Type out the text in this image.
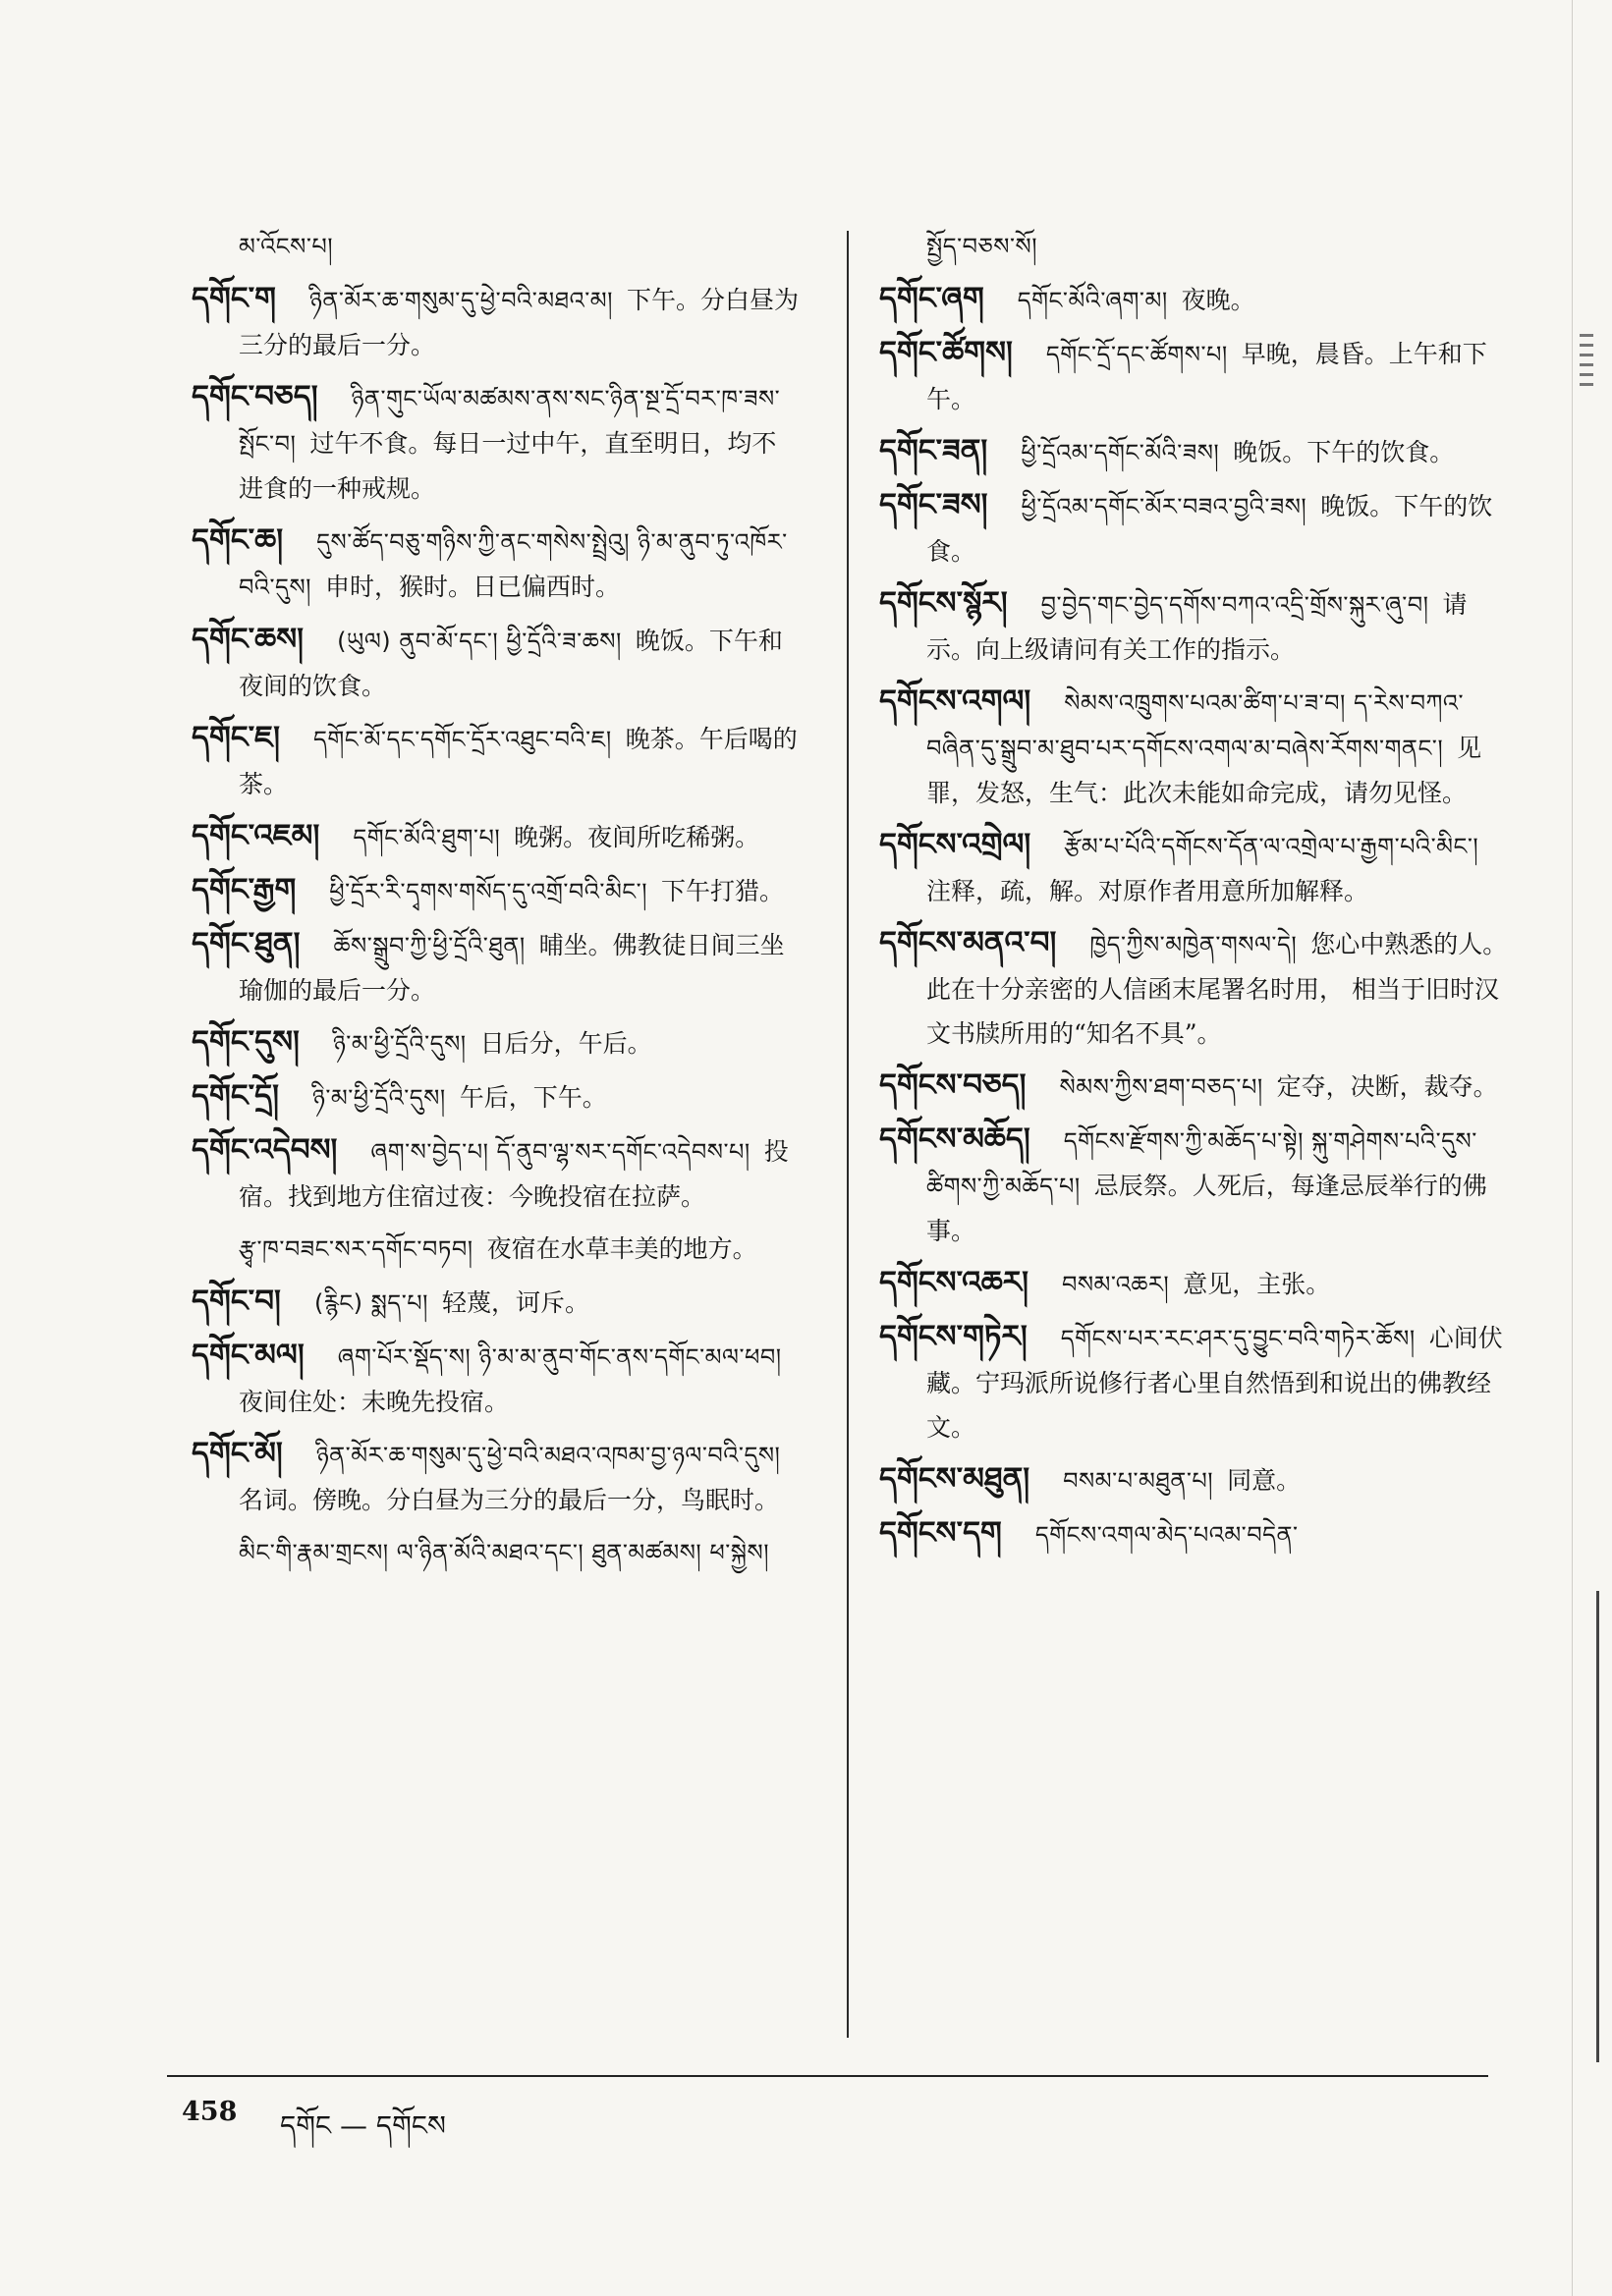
མ་འོངས་པ།
དགོང་ག ཉིན་མོར་ཆ་གསུམ་དུ་ཕྱེ་བའི་མཐའ་མ། 下午。分白昼为三分的最后一分。
དགོང་བཅད། ཉིན་གུང་ཡོལ་མཚམས་ནས་སང་ཉིན་སྔ་དྲོ་བར་ཁ་ཟས་སྤོང་བ། 过午不食。每日一过中午，直至明日，均不进食的一种戒规。
དགོང་ཆ། དུས་ཚོད་བཅུ་གཉིས་ཀྱི་ནང་གསེས་སྤྲེའུ། ཉི་མ་ནུབ་ཏུ་འཁོར་བའི་དུས། 申时，猴时。日已偏西时。
དགོང་ཆས། (ཡུལ) ནུབ་མོ་དང་། ཕྱི་དྲོའི་ཟ་ཆས། 晚饭。下午和夜间的饮食。
དགོང་ཇ། དགོང་མོ་དང་དགོང་དྲོར་འཐུང་བའི་ཇ། 晚茶。午后喝的茶。
དགོང་འཇམ། དགོང་མོའི་ཐུག་པ། 晚粥。夜间所吃稀粥。
དགོང་རྒྱག ཕྱི་དྲོར་རི་དྭགས་གསོད་དུ་འགྲོ་བའི་མིང་། 下午打猎。
དགོང་ཐུན། ཆོས་སྒྲུབ་ཀྱི་ཕྱི་དྲོའི་ཐུན། 晡坐。佛教徒日间三坐瑜伽的最后一分。
དགོང་དུས། ཉི་མ་ཕྱི་དྲོའི་དུས། 日后分，午后。
དགོང་དྲོ། ཉི་མ་ཕྱི་དྲོའི་དུས། 午后，下午。
དགོང་འདེབས། ཞག་ས་བྱེད་པ། དོ་ནུབ་ལྷ་སར་དགོང་འདེབས་པ། 投宿。找到地方住宿过夜：今晚投宿在拉萨。
རྩྭ་ཁ་བཟང་སར་དགོང་བཏབ། 夜宿在水草丰美的地方。
དགོང་བ། (རྙིང) སྨད་པ། 轻蔑，诃斥。
དགོང་མལ། ཞག་པོར་སྡོད་ས། ཉི་མ་མ་ནུབ་གོང་ནས་དགོང་མལ་ཕབ།夜间住处：未晚先投宿。
དགོང་མོ། ཉིན་མོར་ཆ་གསུམ་དུ་ཕྱེ་བའི་མཐའ་འཁམ་བྱ་ཉལ་བའི་དུས།名词。傍晚。分白昼为三分的最后一分，鸟眠时。
མིང་གི་རྣམ་གྲངས། ལ་ཉིན་མོའི་མཐའ་དང་། ཐུན་མཚམས། ཕ་སྐྱེས།
སྤྱོད་བཅས་སོ།
དགོང་ཞག དགོང་མོའི་ཞག་མ། 夜晚。
དགོང་ཚོགས། དགོང་དྲོ་དང་ཚོགས་པ། 早晚，晨昏。上午和下午。
དགོང་ཟན། ཕྱི་དྲོའམ་དགོང་མོའི་ཟས། 晚饭。下午的饮食。
དགོང་ཟས། ཕྱི་དྲོའམ་དགོང་མོར་བཟའ་བྱའི་ཟས། 晚饭。下午的饮食。
དགོངས་སྙོར། བྱ་བྱེད་གང་བྱེད་དགོས་བཀའ་འདྲི་གྲོས་སྐུར་ཞུ་བ། 请示。向上级请问有关工作的指示。
དགོངས་འགལ། སེམས་འཁྲུགས་པའམ་ཚིག་པ་ཟ་བ། ད་རེས་བཀའ་བཞིན་དུ་སྒྲུབ་མ་ཐུབ་པར་དགོངས་འགལ་མ་བཞེས་རོགས་གནང་། 见罪，发怒，生气：此次未能如命完成，请勿见怪。
དགོངས་འགྲེལ། རྩོམ་པ་པོའི་དགོངས་དོན་ལ་འགྲེལ་པ་རྒྱག་པའི་མིང་།注释，疏，解。对原作者用意所加解释。
དགོངས་མནའ་བ། ཁྱེད་ཀྱིས་མཁྱེན་གསལ་དེ། 您心中熟悉的人。 此在十分亲密的人信函末尾署名时用， 相当于旧时汉文书牍所用的“知名不具”。
དགོངས་བཅད། སེམས་ཀྱིས་ཐག་བཅད་པ། 定夺，决断，裁夺。
དགོངས་མཆོད། དགོངས་རྫོགས་ཀྱི་མཆོད་པ་སྟེ། སྐུ་གཤེགས་པའི་དུས་ཚིགས་ཀྱི་མཆོད་པ། 忌辰祭。人死后，每逢忌辰举行的佛事。
དགོངས་འཆར། བསམ་འཆར། 意见，主张。
དགོངས་གཏེར། དགོངས་པར་རང་ཤར་དུ་བྱུང་བའི་གཏེར་ཆོས། 心间伏藏。宁玛派所说修行者心里自然悟到和说出的佛教经文。
དགོངས་མཐུན། བསམ་པ་མཐུན་པ། 同意。
དགོངས་དག དགོངས་འགལ་མེད་པའམ་བདེན་
458 དགོང — དགོངས
